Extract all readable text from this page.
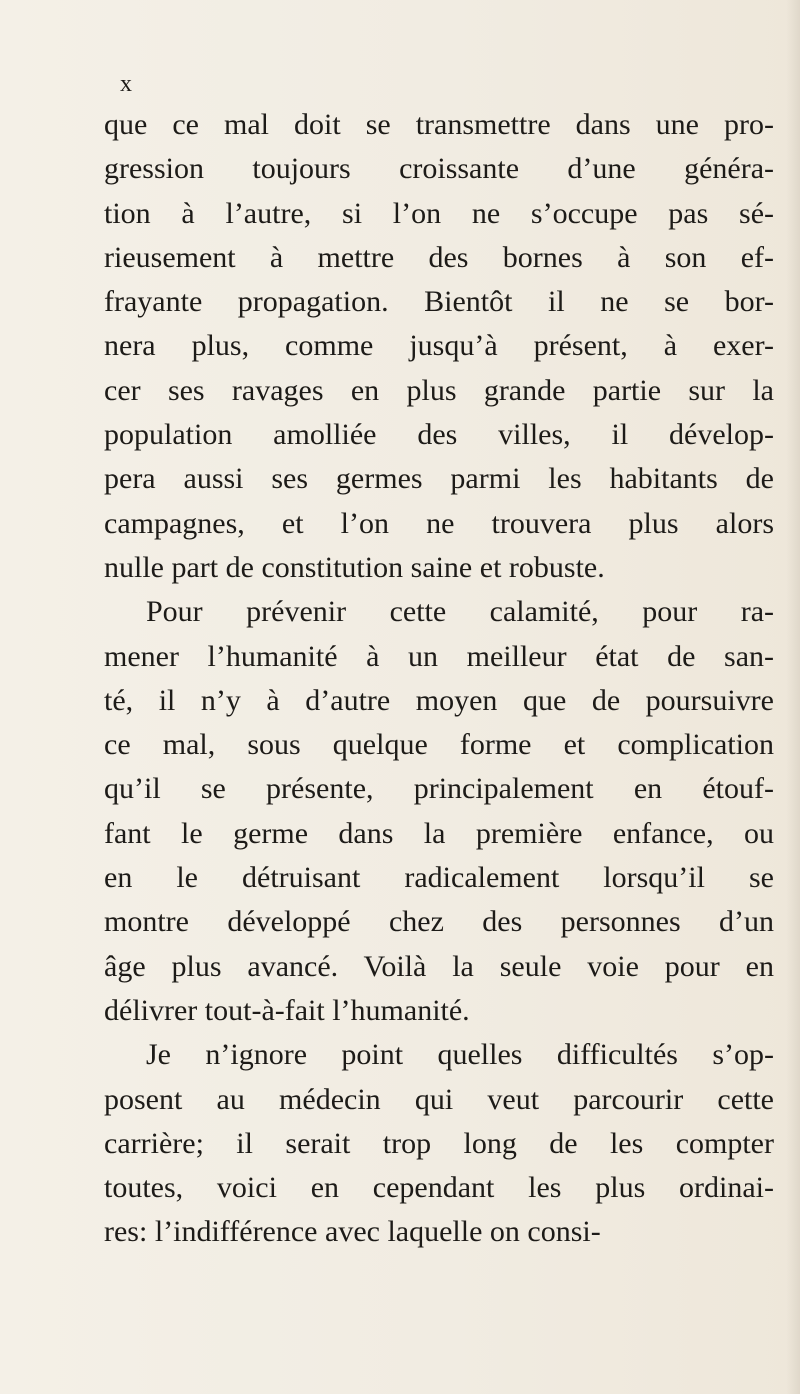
x
que ce mal doit se transmettre dans une pro-
gression toujours croissante d’une généra-
tion à l’autre, si l’on ne s’occupe pas sé-
rieusement à mettre des bornes à son ef-
frayante propagation. Bientôt il ne se bor-
nera plus, comme jusqu’à présent, à exer-
cer ses ravages en plus grande partie sur la
population amolliée des villes, il dévelop-
pera aussi ses germes parmi les habitants de
campagnes, et l’on ne trouvera plus alors
nulle part de constitution saine et robuste.
Pour prévenir cette calamité, pour ra-
mener l’humanité à un meilleur état de san-
té, il n’y à d’autre moyen que de poursuivre
ce mal, sous quelque forme et complication
qu’il se présente, principalement en étouf-
fant le germe dans la première enfance, ou
en le détruisant radicalement lorsqu’il se
montre développé chez des personnes d’un
âge plus avancé. Voilà la seule voie pour en
délivrer tout-à-fait l’humanité.
Je n’ignore point quelles difficultés s’op-
posent au médecin qui veut parcourir cette
carrière; il serait trop long de les compter
toutes, voici en cependant les plus ordinai-
res: l’indifférence avec laquelle on consi-
